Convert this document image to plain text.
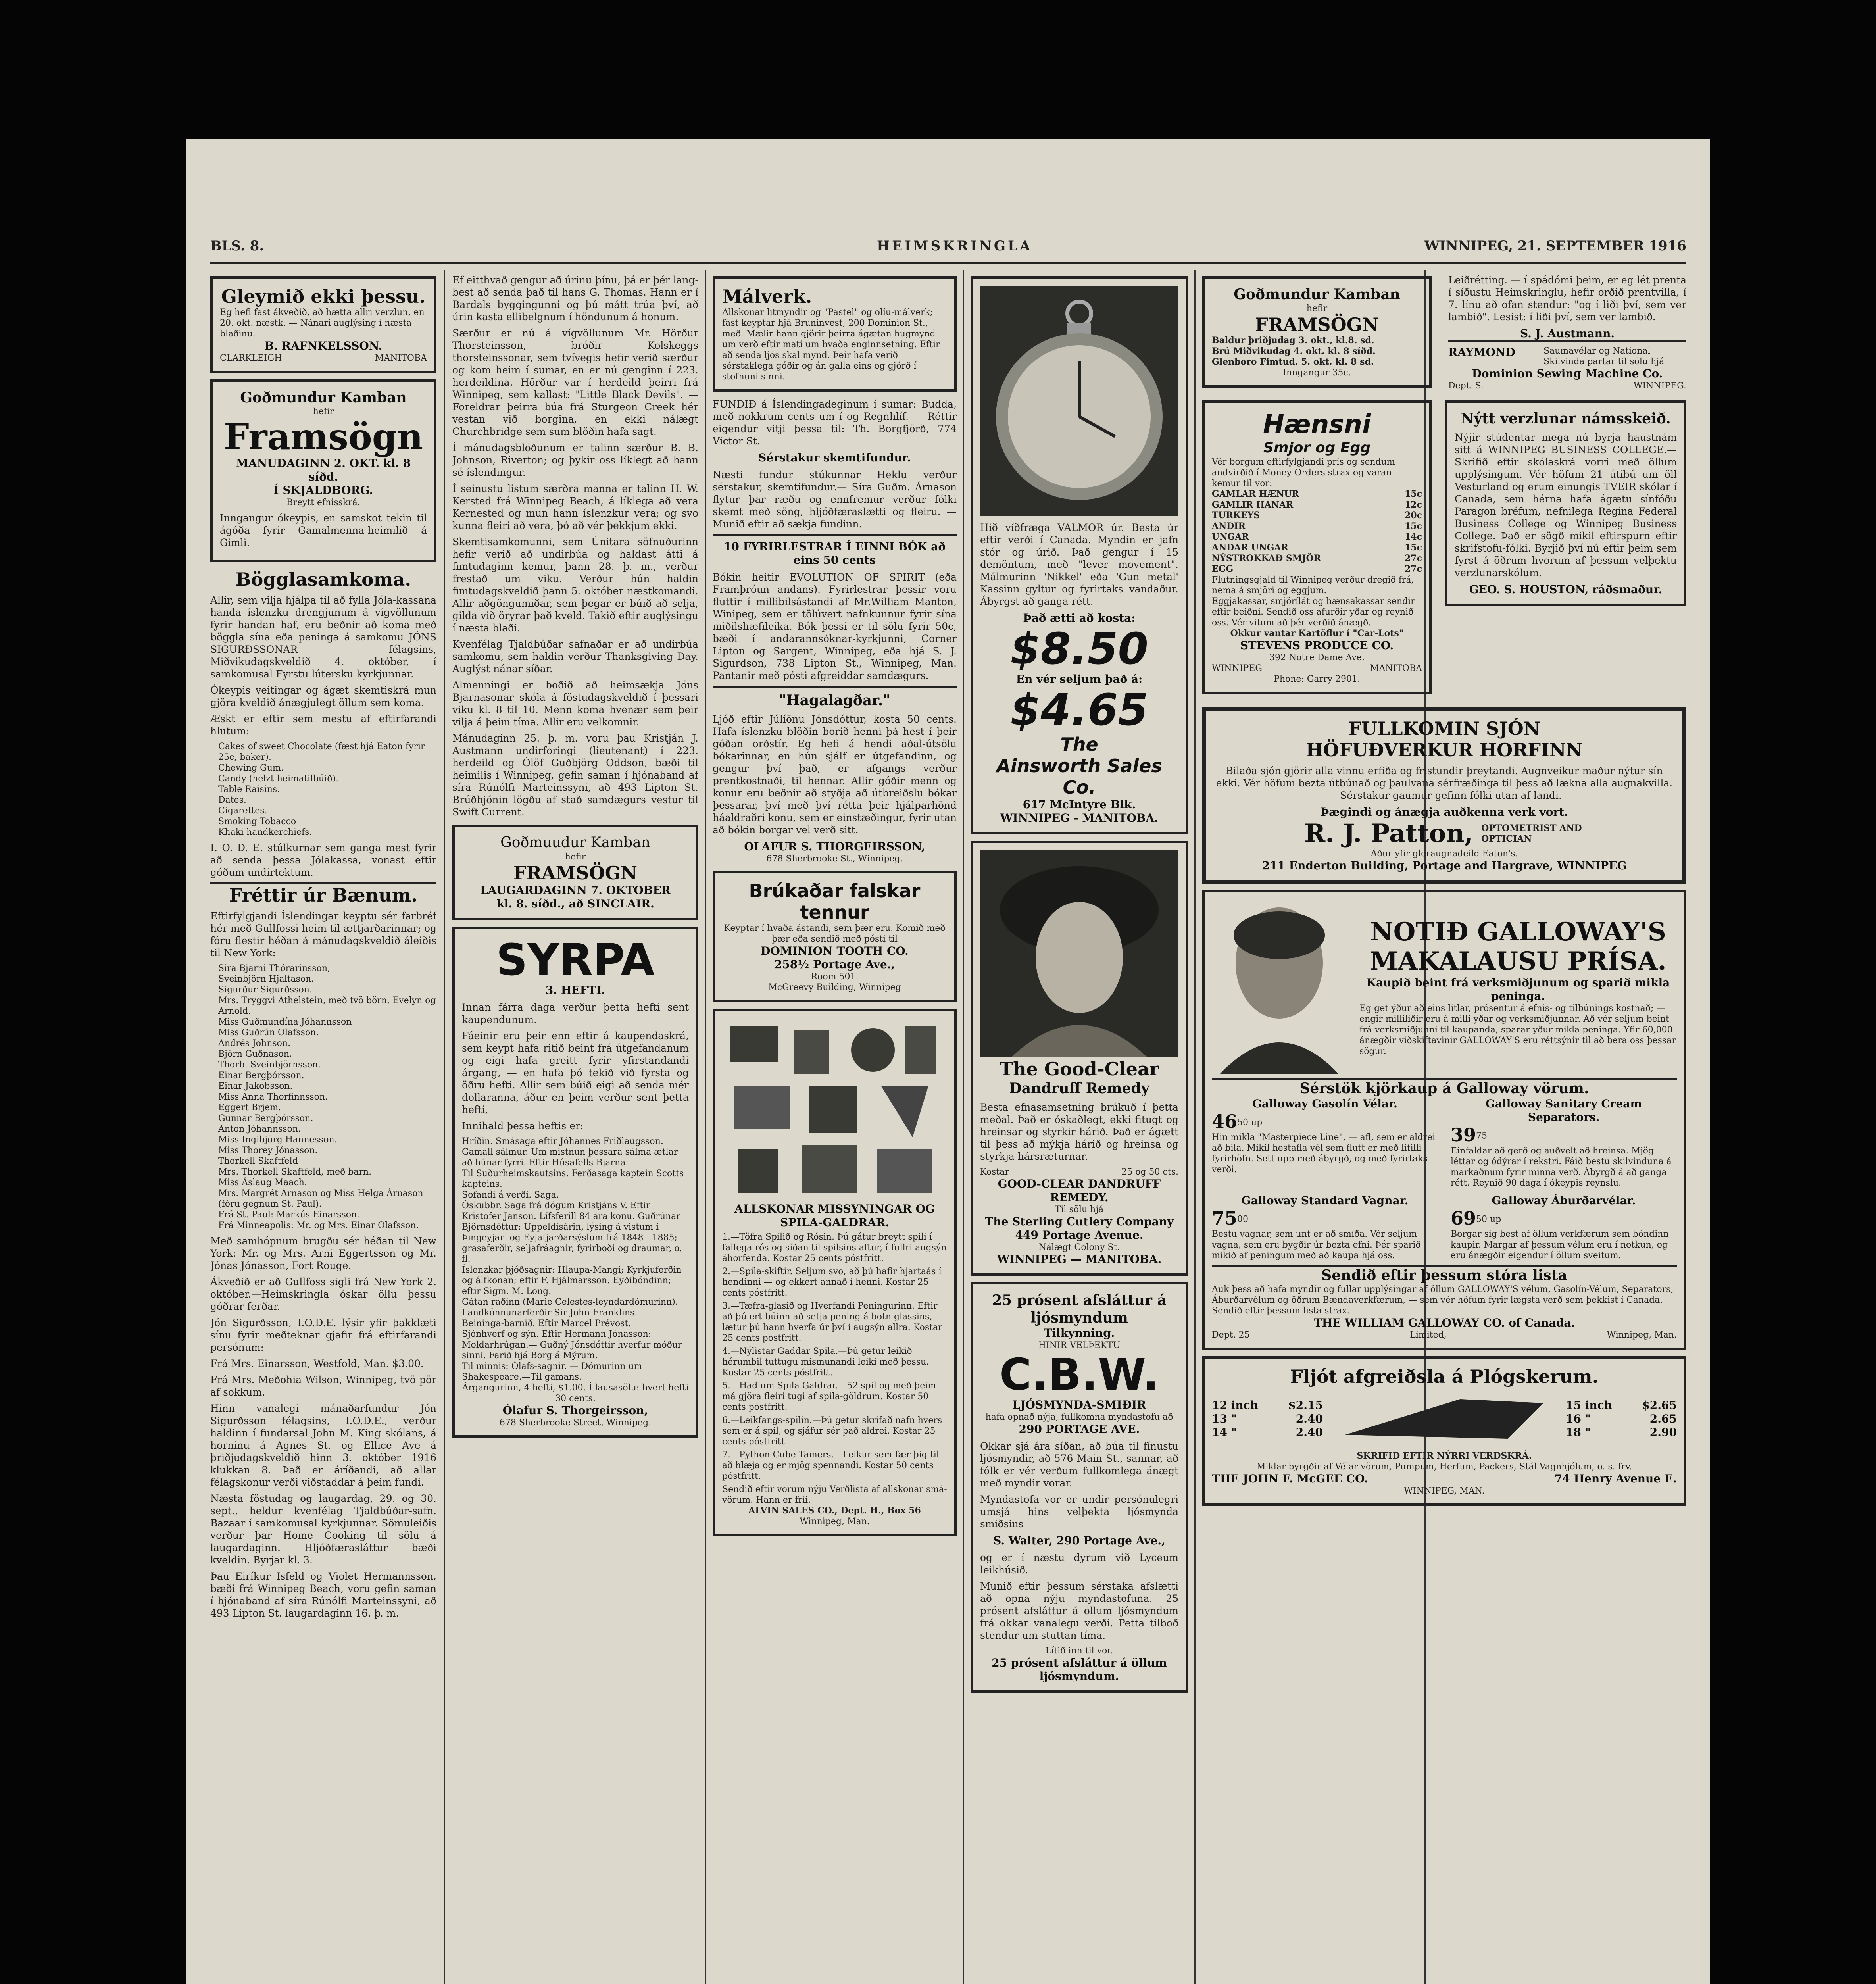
BLS. 8.	HEIMSKRINGLA	WINNIPEG, 21. SEPTEMBER 1916
Gleymið ekki þessu.
Eg hefi fast ákveðið, að hætta allri verzlun, en 20. okt. næstk. — Nánari auglýsing í næsta blaðinu.
B. RAFNKELSSON.
CLARKLEIGH	MANITOBA
Goðmundur Kamban
hefir
Framsögn
MANUDAGINN 2. OKT. kl. 8 síðd.
Í SKJALDBORG.
Breytt efnisskrá.
Inngangur ókeypis, en samskot tekin til ágóða fyrir Gamalmenna-heimilið á Gimli.
Bögglasamkoma.
Allir, sem vilja hjálpa til að fylla Jóla-kassana handa íslenzku drengjunum á vígvöllunum fyrir handan haf, eru beðnir að koma með böggla sína eða peninga á samkomu JÓNS SIGURÐSSONAR félagsins, Miðvikudagskveldið 4. október, í samkomusal Fyrstu lútersku kyrkjunnar.
Ókeypis veitingar og ágæt skemtiskrá mun gjöra kveldið ánægjulegt öllum sem koma.
Æskt er eftir sem mestu af eftirfarandi hlutum:
Cakes of sweet Chocolate (fæst hjá Eaton fyrir 25c, baker).
Chewing Gum.
Candy (helzt heimatilbúið).
Table Raisins.
Dates.
Cigarettes.
Smoking Tobacco
Khaki handkerchiefs.
I. O. D. E. stúlkurnar sem ganga mest fyrir að senda þessa Jólakassa, vonast eftir góðum undirtektum.
Fréttir úr Bænum.
Eftirfylgjandi Íslendingar keyptu sér farbréf hér með Gullfossi heim til ættjarðarinnar; og fóru flestir héðan á mánudagskveldið áleiðis til New York:
Sira Bjarni Thórarinsson,
Sveinbjörn Hjaltason.
Sigurður Sigurðsson.
Mrs. Tryggvi Athelstein, með tvö börn, Evelyn og Arnold.
Miss Guðmundína Jóhannsson
Miss Guðrún Olafsson.
Andrés Johnson.
Björn Guðnason.
Thorb. Sveinbjörnsson.
Einar Bergþórsson.
Einar Jakobsson.
Miss Anna Thorfinnsson.
Eggert Brjem.
Gunnar Bergþórsson.
Anton Jóhannsson.
Miss Ingibjörg Hannesson.
Miss Thorey Jónasson.
Thorkell Skaftfeld
Mrs. Thorkell Skaftfeld, með barn.
Miss Áslaug Maach.
Mrs. Margrét Árnason og Miss Helga Árnason (fóru gegnum St. Paul).
Frá St. Paul: Markús Einarsson.
Frá Minneapolis: Mr. og Mrs. Einar Olafsson.
Með samhópnum brugðu sér héðan til New York: Mr. og Mrs. Arni Eggertsson og Mr. Jónas Jónasson, Fort Rouge.
Ákveðið er að Gullfoss sigli frá New York 2. október.—Heimskringla óskar öllu þessu góðrar ferðar.
Jón Sigurðsson, I.O.D.E. lýsir yfir þakklæti sínu fyrir meðteknar gjafir frá eftirfarandi persónum:
Frá Mrs. Einarsson, Westfold, Man. $3.00.
Frá Mrs. Meðohia Wilson, Winnipeg, tvö pör af sokkum.
Hinn vanalegi mánaðarfundur Jón Sigurðsson félagsins, I.O.D.E., verður haldinn í fundarsal John M. King skólans, á horninu á Agnes St. og Ellice Ave á þriðjudagskveldið hinn 3. október 1916 klukkan 8. Það er áríðandi, að allar félagskonur verði viðstaddar á þeim fundi.
Næsta föstudag og laugardag, 29. og 30. sept., heldur kvenfélag Tjaldbúðar-safn. Bazaar í samkomusal kyrkjunnar. Sömuleiðis verður þar Home Cooking til sölu á laugardaginn. Hljóðfærasláttur bæði kveldin. Byrjar kl. 3.
Þau Eiríkur Isfeld og Violet Hermannsson, bæði frá Winnipeg Beach, voru gefin saman í hjónaband af síra Rúnólfi Marteinssyni, að 493 Lipton St. laugardaginn 16. þ. m.
Ef eitthvað gengur að úrinu þínu, þá er þér lang-best að senda það til hans G. Thomas. Hann er í Bardals byggingunni og þú mátt trúa því, að úrin kasta ellibelgnum í höndunum á honum.
Særður er nú á vígvöllunum Mr. Hörður Thorsteinsson, bróðir Kolskeggs thorsteinssonar, sem tvívegis hefir verið særður og kom heim í sumar, en er nú genginn í 223. herdeildina. Hörður var í herdeild þeirri frá Winnipeg, sem kallast: "Little Black Devils". — Foreldrar þeirra búa frá Sturgeon Creek hér vestan við borgina, en ekki nálægt Churchbridge sem sum blöðin hafa sagt.
Í mánudagsblöðunum er talinn særður B. B. Johnson, Riverton; og þykir oss líklegt að hann sé íslendingur.
Í seinustu listum særðra manna er talinn H. W. Kersted frá Winnipeg Beach, á líklega að vera Kernested og mun hann íslenzkur vera; og svo kunna fleiri að vera, þó að vér þekkjum ekki.
Skemtisamkomunni, sem Únitara söfnuðurinn hefir verið að undirbúa og haldast átti á fimtudaginn kemur, þann 28. þ. m., verður frestað um viku. Verður hún haldin fimtudagskveldið þann 5. október næstkomandi. Allir aðgöngumiðar, sem þegar er búið að selja, gilda við öryrar það kveld. Takið eftir auglýsingu í næsta blaði.
Kvenfélag Tjaldbúðar safnaðar er að undirbúa samkomu, sem haldin verður Thanksgiving Day. Auglýst nánar síðar.
Almenningi er boðið að heimsækja Jóns Bjarnasonar skóla á föstudagskveldið í þessari viku kl. 8 til 10. Menn koma hvenær sem þeir vilja á þeim tíma. Allir eru velkomnir.
Mánudaginn 25. þ. m. voru þau Kristján J. Austmann undirforingi (lieutenant) í 223. herdeild og Ólöf Guðbjörg Oddson, bæði til heimilis í Winnipeg, gefin saman í hjónaband af síra Rúnólfi Marteinssyni, að 493 Lipton St. Brúðhjónin lögðu af stað samdægurs vestur til Swift Current.
Goðmuudur Kamban
hefir
FRAMSÖGN
LAUGARDAGINN 7. OKTOBER
kl. 8. síðd., að SINCLAIR.
SYRPA
3. HEFTI.
Innan fárra daga verður þetta hefti sent kaupendunum.
Fáeinir eru þeir enn eftir á kaupendaskrá, sem keypt hafa ritið beint frá útgefandanum og eigi hafa greitt fyrir yfirstandandi árgang, — en hafa þó tekið við fyrsta og öðru hefti. Allir sem búið eigi að senda mér dollaranna, áður en þeim verður sent þetta hefti,
Innihald þessa heftis er:
Hríðin. Smásaga eftir Jóhannes Friðlaugsson.
Gamall sálmur. Um mistnun þessara sálma ætlar að húnar fyrri. Eftir Húsafells-Bjarna.
Til Suðurheimskautsins. Ferðasaga kaptein Scotts kapteins.
Sofandi á verði. Saga.
Óskubbr. Saga frá dögum Kristjáns V. Eftir Kristofer Janson. Lífsferill 84 ára konu. Guðrúnar Björnsdóttur: Uppeldisárin, lýsing á vistum í Þingeyjar- og Eyjafjarðarsýslum frá 1848—1885; grasaferðir, seljafráagnir, fyrirboði og draumar, o. fl.
Íslenzkar þjóðsagnir: Hlaupa-Mangi; Kyrkjuferðin og álfkonan; eftir F. Hjálmarsson. Eyðibóndinn; eftir Sigm. M. Long.
Gátan ráðinn (Marie Celestes-leyndardómurinn).
Landkönnunarferðir Sir John Franklins.
Beininga-barnið. Eftir Marcel Prévost.
Sjónhverf og sýn. Eftir Hermann Jónasson: Moldarhrúgan.— Guðný Jónsdóttir hverfur móður sinni. Farið hjá Borg á Mýrum.
Til minnis: Ólafs-sagnir. — Dómurinn um Shakespeare.—Til gamans.
Árgangurinn, 4 hefti, $1.00. Í lausasölu: hvert hefti 30 cents.
Ólafur S. Thorgeirsson,
678 Sherbrooke Street, Winnipeg.
Málverk.
Allskonar litmyndir og "Pastel" og olíu-málverk; fást keyptar hjá Bruninvest, 200 Dominion St., með. Mælir hann gjörir þeirra ágætan hugmynd um verð eftir mati um hvaða enginnsetning. Eftir að senda ljós skal mynd. Þeir hafa verið sérstaklega góðir og án galla eins og gjörð í stofnuni sinni.
FUNDIÐ á Íslendingadeginum í sumar: Budda, með nokkrum cents um í og Regnhlíf. — Réttir eigendur vitji þessa til: Th. Borgfjörð, 774 Victor St.
Sérstakur skemtifundur.
Næsti fundur stúkunnar Heklu verður sérstakur, skemtifundur.— Síra Guðm. Árnason flytur þar ræðu og ennfremur verður fólki skemt með söng, hljóðfæraslætti og fleiru. — Munið eftir að sækja fundinn.
10 FYRIRLESTRAR Í EINNI BÓK að eins 50 cents
Bókin heitir EVOLUTION OF SPIRIT (eða Framþróun andans). Fyrirlestrar þessir voru fluttir í millibilsástandi af Mr.William Manton, Winipeg, sem er tölúvert nafnkunnur fyrir sína miðilshæfileika. Bók þessi er til sölu fyrir 50c, bæði í andarannsóknar-kyrkjunni, Corner Lipton og Sargent, Winnipeg, eða hjá S. J. Sigurdson, 738 Lipton St., Winnipeg, Man. Pantanir með pósti afgreiddar samdægurs.
"Hagalagðar."
Ljóð eftir Júlíönu Jónsdóttur, kosta 50 cents. Hafa íslenzku blöðin borið henni þá hest í þeir góðan orðstír. Eg hefi á hendi aðal-útsölu bókarinnar, en hún sjálf er útgefandinn, og gengur því það, er afgangs verður prentkostnaði, til hennar. Allir góðir menn og konur eru beðnir að styðja að útbreiðslu bókar þessarar, því með því rétta þeir hjálparhönd háaldraðri konu, sem er einstæðingur, fyrir utan að bókin borgar vel verð sitt.
OLAFUR S. THORGEIRSSON,
678 Sherbrooke St., Winnipeg.
Brúkaðar falskar tennur
Keyptar í hvaða ástandi, sem þær eru. Komið með þær eða sendið með pósti til
DOMINION TOOTH CO.
258½ Portage Ave.,
Room 501.
McGreevy Building, Winnipeg
ALLSKONAR MISSYNINGAR OG SPILA-GALDRAR.
1.—Töfra Spilið og Rósin. Þú gátur breytt spili í fallega rós og síðan til spilsins aftur, í fullri augsýn áhorfenda. Kostar 25 cents póstfritt.
2.—Spila-skiftir. Seljum svo, að þú hafir hjartaás í hendinni — og ekkert annað í henni. Kostar 25 cents póstfritt.
3.—Tæfra-glasið og Hverfandi Peningurinn. Eftir að þú ert búinn að setja pening á botn glassins, lætur þú hann hverfa úr því í augsýn allra. Kostar 25 cents póstfritt.
4.—Nýlistar Gaddar Spila.—Þú getur leikið hérumbil tuttugu mismunandi leiki með þessu. Kostar 25 cents póstfritt.
5.—Hadium Spila Galdrar.—52 spil og með þeim má gjöra fleiri tugi af spila-göldrum. Kostar 50 cents póstfritt.
6.—Leikfangs-spilin.—Þú getur skrifað nafn hvers sem er á spil, og sjáfur sér það aldrei. Kostar 25 cents póstfritt.
7.—Python Cube Tamers.—Leikur sem fær þig til að hlæja og er mjög spennandi. Kostar 50 cents póstfritt.
Sendið eftir vorum nýju Verðlista af allskonar smá-vörum. Hann er fríi.
ALVIN SALES CO., Dept. H., Box 56
Winnipeg, Man.
Hið víðfræga VALMOR úr. Besta úr eftir verði í Canada. Myndin er jafn stór og úrið. Það gengur í 15 demöntum, með "lever movement". Málmurinn 'Nikkel' eða 'Gun metal' Kassinn gyltur og fyrirtaks vandaður. Ábyrgst að ganga rétt.
Það ætti að kosta:
$8.50
En vér seljum það á:
$4.65
The
Ainsworth Sales Co.
617 McIntyre Blk.
WINNIPEG - MANITOBA.
The Good-Clear
Dandruff Remedy
Besta efnasamsetning brúkuð í þetta meðal. Það er óskaðlegt, ekki fitugt og hreinsar og styrkir hárið. Það er ágætt til þess að mýkja hárið og hreinsa og styrkja hársræturnar.
Kostar	25 og 50 cts.
GOOD-CLEAR DANDRUFF REMEDY.
Til sölu hjá
The Sterling Cutlery Company
449 Portage Avenue.
Nálægt Colony St.
WINNIPEG — MANITOBA.
25 prósent afsláttur á ljósmyndum
Tilkynning.
HINIR VELÞEKTU
C.B.W.
LJÓSMYNDA-SMIÐIR
hafa opnað nýja, fullkomna myndastofu að
290 PORTAGE AVE.
Okkar sjá ára síðan, að búa til fínustu ljósmyndir, að 576 Main St., sannar, að fólk er vér verðum fullkomlega ánægt með myndir vorar.
Myndastofa vor er undir persónulegri umsjá hins velþekta ljósmynda smiðsins
S. Walter, 290 Portage Ave.,
og er í næstu dyrum við Lyceum leikhúsið.
Munið eftir þessum sérstaka afslætti að opna nýju myndastofuna. 25 prósent afsláttur á öllum ljósmyndum frá okkar vanalegu verði. Petta tilboð stendur um stuttan tíma.
Lítið inn til vor.
25 prósent afsláttur á öllum ljósmyndum.
Goðmundur Kamban
hefir
FRAMSÖGN
Baldur þriðjudag 3. okt., kl.8. sd.
Brú Miðvikudag 4. okt. kl. 8 síðd.
Glenboro Fimtud. 5. okt. kl. 8 sd.
Inngangur 35c.
Leiðrétting. — í spádómi þeim, er eg lét prenta í síðustu Heimskringlu, hefir orðið prentvilla, í 7. línu að ofan stendur: "og í liði því, sem ver lambið". Lesist: í liði því, sem ver lambið.
S. J. Austmann.
RAYMOND	Saumavélar og National Skilvinda partar til sölu hjá
Dominion Sewing Machine Co.
Dept. S.	WINNIPEG.
Hænsni
Smjor og Egg
Vér borgum eftirfylgjandi prís og sendum andvirðið í Money Orders strax og varan kemur til vor:
GAMLAR HÆNUR	15c
GAMLIR HANAR	12c
TURKEYS	20c
ANDIR	15c
UNGAR	14c
ANDAR UNGAR	15c
NÝSTROKKAÐ SMJÖR	27c
EGG	27c
Flutningsgjald til Winnipeg verður dregið frá, nema á smjöri og eggjum.
Eggjakassar, smjörílát og hænsakassar sendir eftir beiðni. Sendið oss afurðir yðar og reynið oss. Vér vitum að þér verðið ánægð.
Okkur vantar Kartöflur í "Car-Lots"
STEVENS PRODUCE CO.
392 Notre Dame Ave.
WINNIPEG	MANITOBA
Phone: Garry 2901.
Nýtt verzlunar námsskeið.
Nýjir stúdentar mega nú byrja haustnám sitt á WINNIPEG BUSINESS COLLEGE.—Skrifið eftir skólaskrá vorri með öllum upplýsingum. Vér höfum 21 útibú um öll Vesturland og erum einungis TVEIR skólar í Canada, sem hérna hafa ágætu sínfóðu Paragon bréfum, nefnilega Regina Federal Business College og Winnipeg Business College. Það er sögð mikil eftirspurn eftir skrifstofu-fólki. Byrjið því nú eftir þeim sem fyrst á öðrum hvorum af þessum velþektu verzlunarskólum.
GEO. S. HOUSTON, ráðsmaður.
FULLKOMIN SJÓN
HÖFUÐVERKUR HORFINN
Bilaða sjón gjörir alla vinnu erfiða og fristundir þreytandi. Augnveikur maður nýtur sín ekki. Vér höfum bezta útbúnað og þaulvana sérfræðinga til þess að lækna alla augnakvilla. — Sérstakur gaumur gefinn fólki utan af landi.
Þægindi og ánægja auðkenna verk vort.
R. J. Patton, OPTOMETRIST AND OPTICIAN
Áður yfir gleraugnadeild Eaton's.
211 Enderton Building, Portage and Hargrave, WINNIPEG
NOTIÐ GALLOWAY'S
MAKALAUSU PRÍSA.
Kaupið beint frá verksmiðjunum og sparið mikla peninga.
Eg get ýður að eins litlar, prósentur á efnis- og tilbúnings kostnað; — engir milliliðir eru á milli yðar og verksmiðjunnar. Að vér seljum beint frá verksmiðjunni til kaupanda, sparar yður mikla peninga. Yfir 60,000 ánægðir viðskiftavinir GALLOWAY'S eru réttsýnir til að bera oss þessar sögur.
Sérstök kjörkaup á Galloway vörum.
Galloway Gasolín Vélar.
$46^{50 up}$
Hin mikla "Masterpiece Line", — afl, sem er aldrei að bila. Mikil hestafla vél sem flutt er með lítilli fyrirhöfn. Sett upp með ábyrgð, og með fyrirtaks verði.
Galloway Sanitary Cream Separators.
$39^{75}$
Einfaldar að gerð og auðvelt að hreinsa. Mjög léttar og ódýrar í rekstri. Fáið bestu skilvinduna á markaðnum fyrir minna verð. Ábyrgð á að ganga rétt. Reynið 90 daga í ókeypis reynslu.
Galloway Standard Vagnar.
$75^{00}$
Bestu vagnar, sem unt er að smíða. Vér seljum vagna, sem eru bygðir úr bezta efni. Þér sparið mikið af peningum með að kaupa hjá oss.
Galloway Áburðarvélar.
$69^{50 up}$
Borgar sig best af öllum verkfærum sem bóndinn kaupir. Margar af þessum vélum eru í notkun, og eru ánægðir eigendur í öllum sveitum.
Sendið eftir þessum stóra lista
Auk þess að hafa myndir og fullar upplýsingar af öllum GALLOWAY'S vélum, Gasolín-Vélum, Separators, Áburðarvélum og öðrum Bændaverkfærum, — sem vér höfum fyrir lægsta verð sem þekkist í Canada. Sendið eftir þessum lista strax.
THE WILLIAM GALLOWAY CO. of Canada.
Dept. 25	Limited,	Winnipeg, Man.
Fljót afgreiðsla á Plógskerum.
12 inch	$2.15
13 "	2.40
14 "	2.40
15 inch	$2.65
16 "	2.65
18 "	2.90
SKRIFIÐ EFTIR NÝRRI VERÐSKRÁ.
Miklar byrgðir af Vélar-vörum, Pumpum, Herfum, Packers, Stál Vagnhjólum, o. s. frv.
THE JOHN F. McGEE CO.	74 Henry Avenue E.
WINNIPEG, MAN.
